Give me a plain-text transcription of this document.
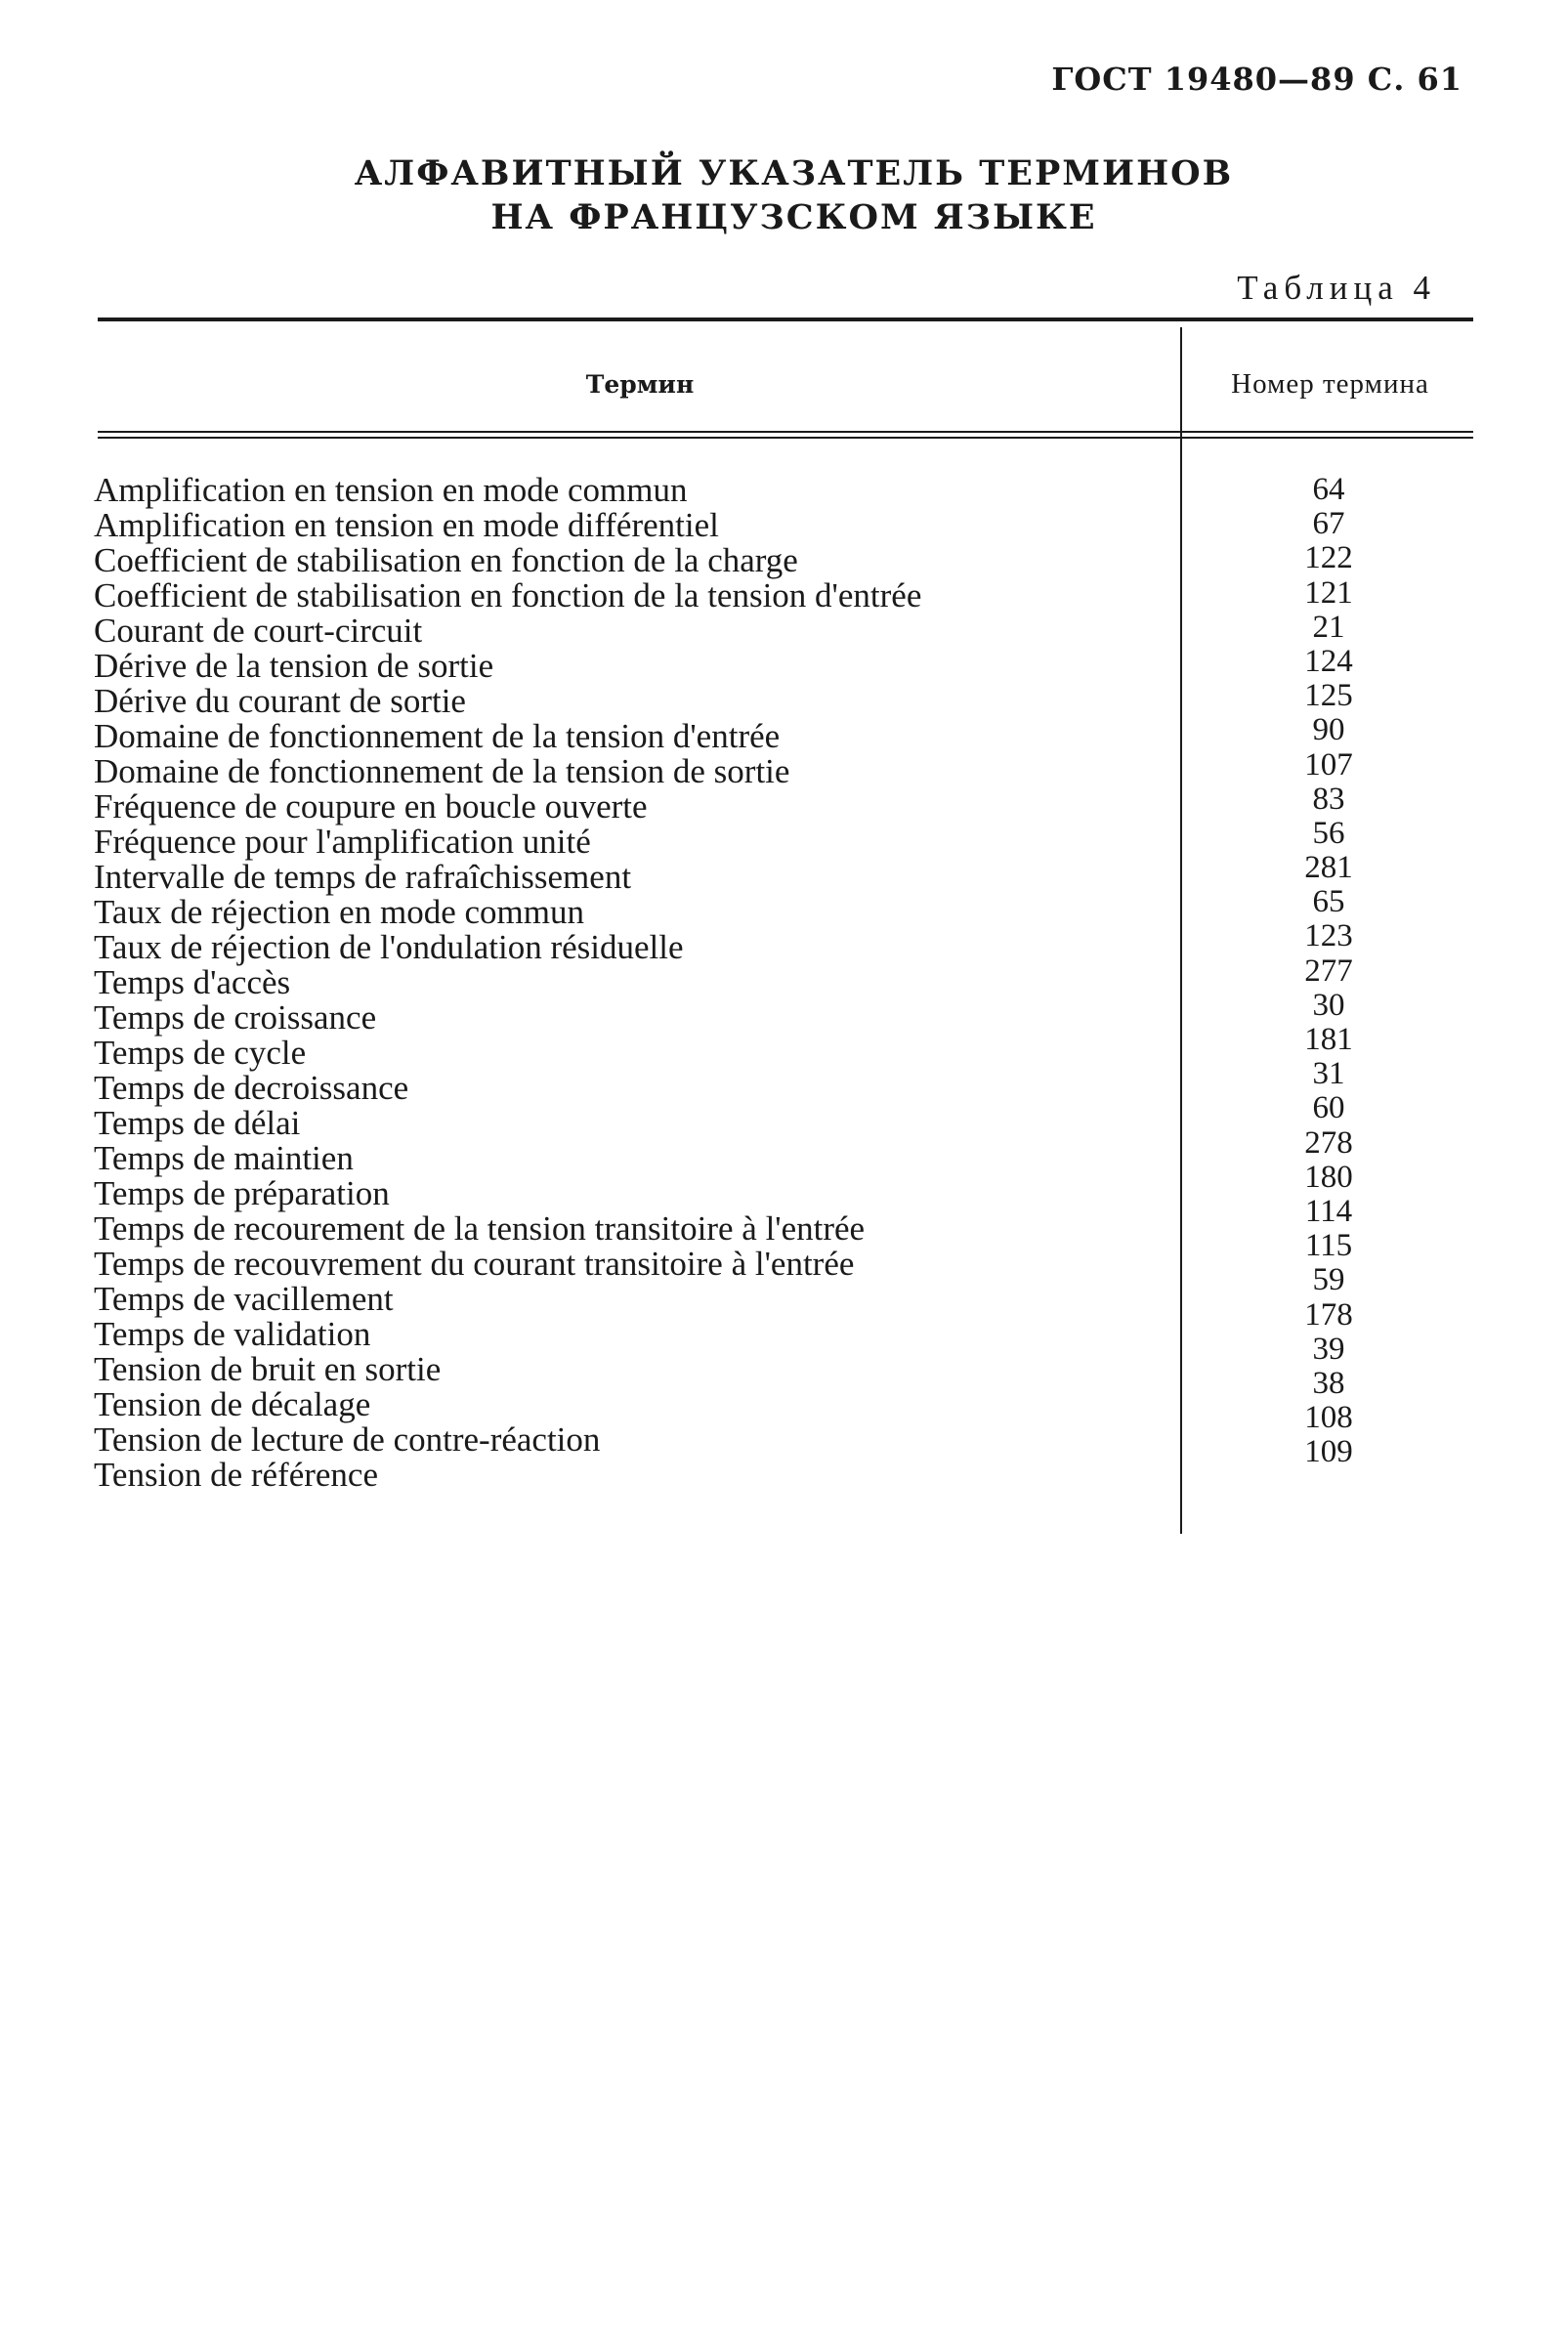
ГОСТ 19480—89 С. 61
АЛФАВИТНЫЙ УКАЗАТЕЛЬ ТЕРМИНОВ
НА ФРАНЦУЗСКОМ ЯЗЫКЕ
Таблица 4
Термин	Номер термина
Amplification en tension en mode commun
Amplification en tension en mode différentiel
Coefficient de stabilisation en fonction de la charge
Coefficient de stabilisation en fonction de la tension d'entrée
Courant de court-circuit
Dérive de la tension de sortie
Dérive du courant de sortie
Domaine de fonctionnement de la tension d'entrée
Domaine de fonctionnement de la tension de sortie
Fréquence de coupure en boucle ouverte
Fréquence pour l'amplification unité
Intervalle de temps de rafraîchissement
Taux de réjection en mode commun
Taux de réjection de l'ondulation résiduelle
Temps d'accès
Temps de croissance
Temps de cycle
Temps de decroissance
Temps de délai
Temps de maintien
Temps de préparation
Temps de recourement de la tension transitoire à l'entrée
Temps de recouvrement du courant transitoire à l'entrée
Temps de vacillement
Temps de validation
Tension de bruit en sortie
Tension de décalage
Tension de lecture de contre-réaction
Tension de référence
64
67
122
121
21
124
125
90
107
83
56
281
65
123
277
30
181
31
60
278
180
114
115
59
178
39
38
108
109
